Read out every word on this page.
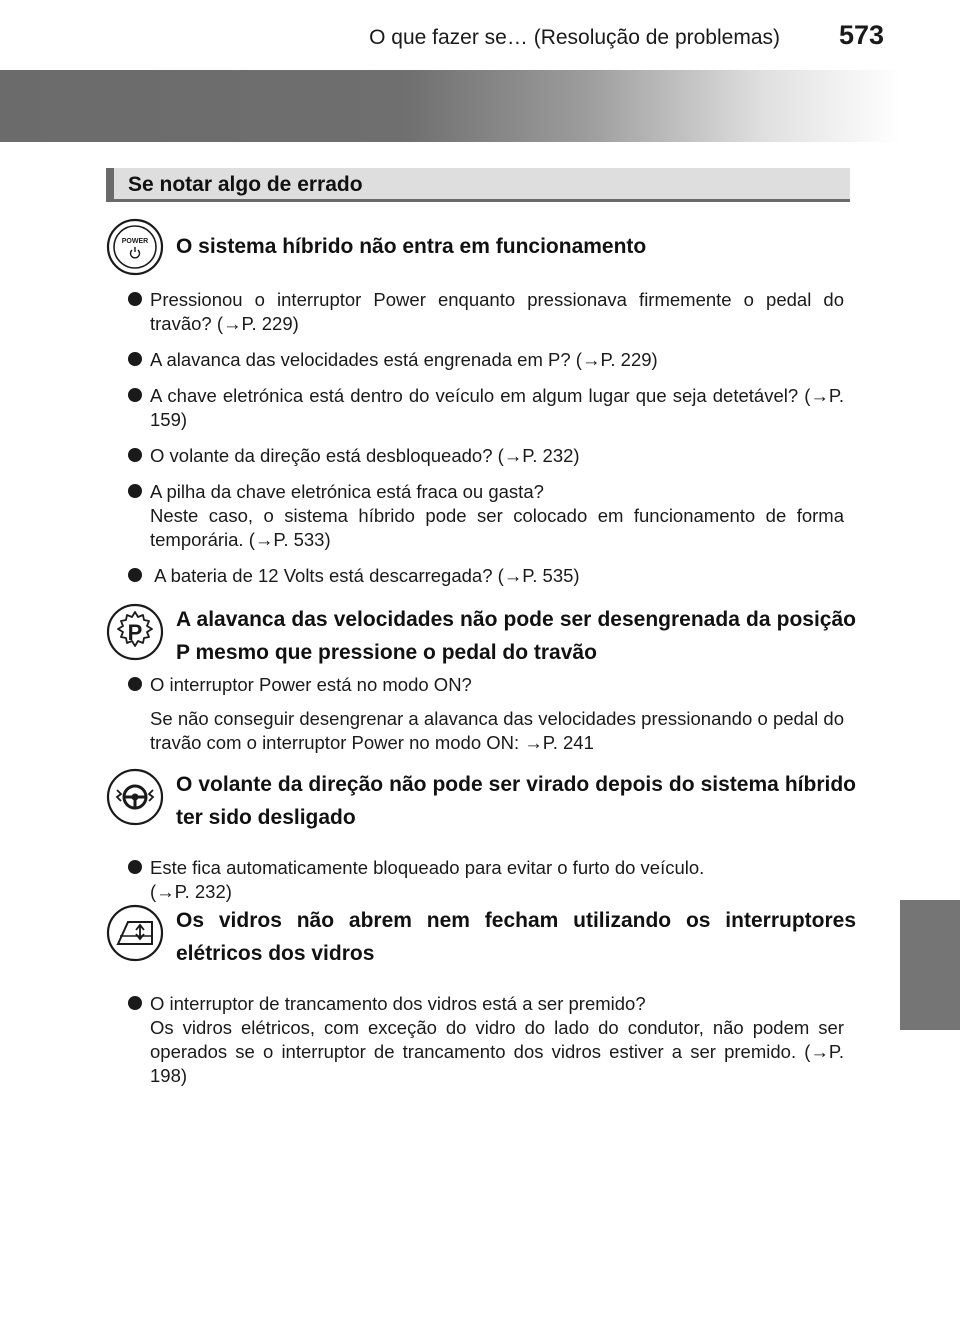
O que fazer se… (Resolução de problemas) 573
Se notar algo de errado
POWER O sistema híbrido não entra em funcionamento
Pressionou o interruptor Power enquanto pressionava firmemente o pedal do travão? (→P. 229)
A alavanca das velocidades está engrenada em P? (→P. 229)
A chave eletrónica está dentro do veículo em algum lugar que seja detetável? (→P. 159)
O volante da direção está desbloqueado? (→P. 232)
A pilha da chave eletrónica está fraca ou gasta?
Neste caso, o sistema híbrido pode ser colocado em funcionamento de forma temporária. (→P. 533)
A bateria de 12 Volts está descarregada? (→P. 535)
P
A alavanca das velocidades não pode ser desengrenada da posição P mesmo que pressione o pedal do travão
O interruptor Power está no modo ON?
Se não conseguir desengrenar a alavanca das velocidades pressionando o pedal do travão com o interruptor Power no modo ON: →P. 241
O volante da direção não pode ser virado depois do sistema híbrido ter sido desligado

Este fica automaticamente bloqueado para evitar o furto do veículo.
(→P. 232)

Os vidros não abrem nem fecham utilizando os interruptores elétricos dos vidros

O interruptor de trancamento dos vidros está a ser premido?
Os vidros elétricos, com exceção do vidro do lado do condutor, não podem ser operados se o interruptor de trancamento dos vidros estiver a ser premido. (→P. 198)
